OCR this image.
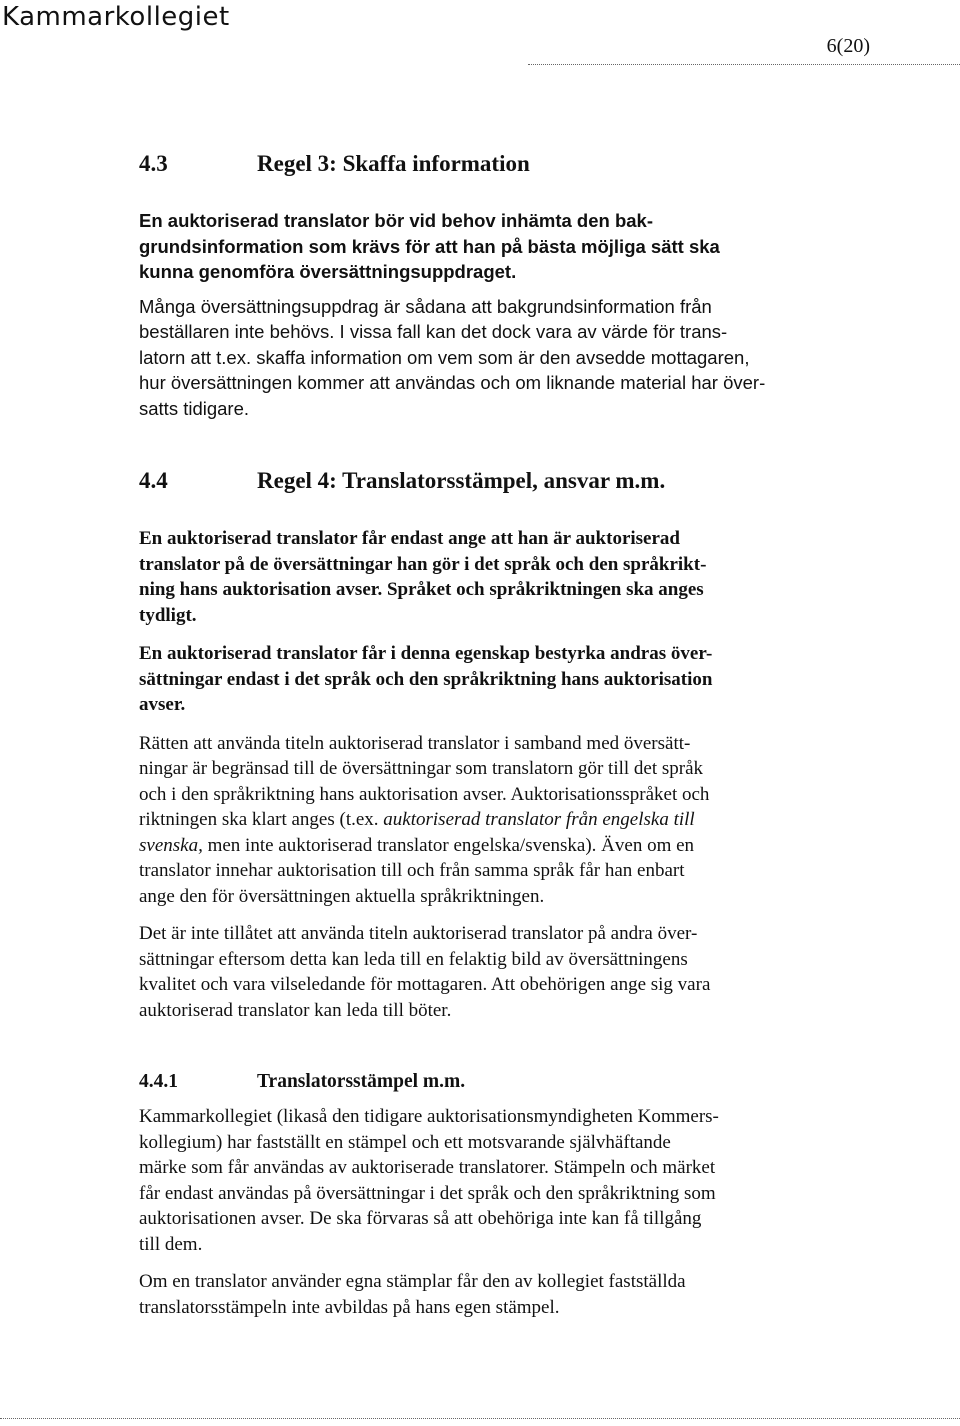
Kammarkollegiet
6(20)
4.3	Regel 3: Skaffa information

En auktoriserad translator bör vid behov inhämta den bak-
grundsinformation som krävs för att han på bästa möjliga sätt ska
kunna genomföra översättningsuppdraget.

Många översättningsuppdrag är sådana att bakgrundsinformation från
beställaren inte behövs. I vissa fall kan det dock vara av värde för trans-
latorn att t.ex. skaffa information om vem som är den avsedde mottagaren,
hur översättningen kommer att användas och om liknande material har över-
satts tidigare.

4.4	Regel 4: Translatorsstämpel, ansvar m.m.

En auktoriserad translator får endast ange att han är auktoriserad
translator på de översättningar han gör i det språk och den språkrikt-
ning hans auktorisation avser. Språket och språkriktningen ska anges
tydligt.

En auktoriserad translator får i denna egenskap bestyrka andras över-
sättningar endast i det språk och den språkriktning hans auktorisation
avser.

Rätten att använda titeln auktoriserad translator i samband med översätt-
ningar är begränsad till de översättningar som translatorn gör till det språk
och i den språkriktning hans auktorisation avser. Auktorisationsspråket och
riktningen ska klart anges (t.ex. auktoriserad translator från engelska till
svenska, men inte auktoriserad translator engelska/svenska). Även om en
translator innehar auktorisation till och från samma språk får han enbart
ange den för översättningen aktuella språkriktningen.

Det är inte tillåtet att använda titeln auktoriserad translator på andra över-
sättningar eftersom detta kan leda till en felaktig bild av översättningens
kvalitet och vara vilseledande för mottagaren. Att obehörigen ange sig vara
auktoriserad translator kan leda till böter.

4.4.1	Translatorsstämpel m.m.

Kammarkollegiet (likaså den tidigare auktorisationsmyndigheten Kommers-
kollegium) har fastställt en stämpel och ett motsvarande självhäftande
märke som får användas av auktoriserade translatorer. Stämpeln och märket
får endast användas på översättningar i det språk och den språkriktning som
auktorisationen avser. De ska förvaras så att obehöriga inte kan få tillgång
till dem.

Om en translator använder egna stämplar får den av kollegiet fastställda
translatorsstämpeln inte avbildas på hans egen stämpel.
